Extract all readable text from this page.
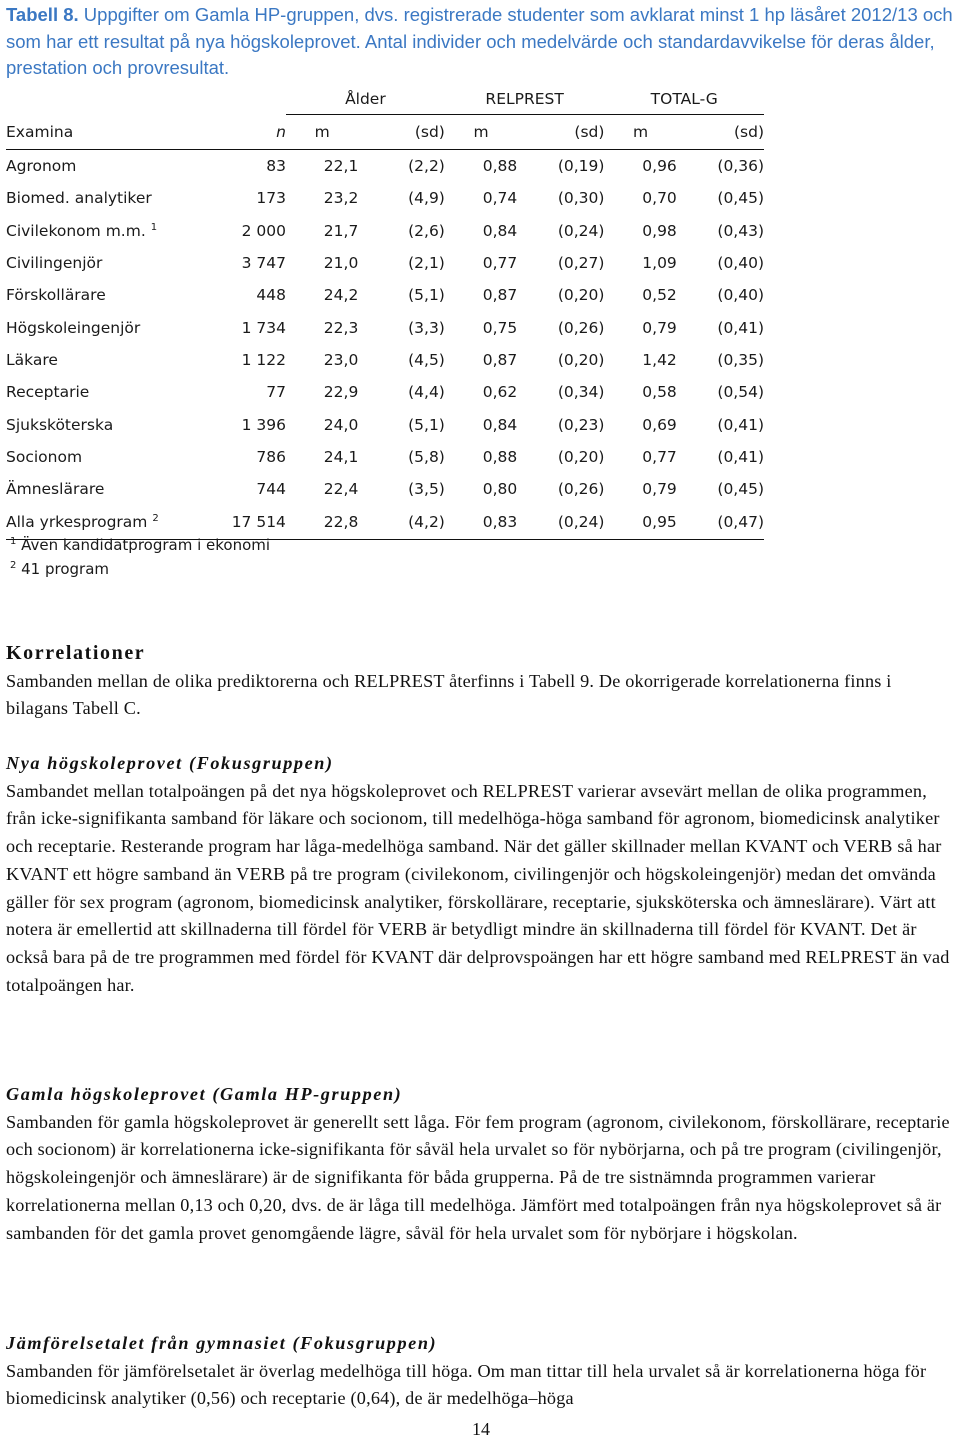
Tabell 8. Uppgifter om Gamla HP-gruppen, dvs. registrerade studenter som avklarat minst 1 hp läsåret 2012/13 och som har ett resultat på nya högskoleprovet. Antal individer och medelvärde och standardavvikelse för deras ålder, prestation och provresultat.
		Ålder		RELPREST		TOTAL-G	
Examina	n	m	(sd)	m	(sd)	m	(sd)
Agronom	83	22,1	(2,2)	0,88	(0,19)	0,96	(0,36)
Biomed. analytiker	173	23,2	(4,9)	0,74	(0,30)	0,70	(0,45)
Civilekonom m.m. $^1$	2 000	21,7	(2,6)	0,84	(0,24)	0,98	(0,43)
Civilingenjör	3 747	21,0	(2,1)	0,77	(0,27)	1,09	(0,40)
Förskollärare	448	24,2	(5,1)	0,87	(0,20)	0,52	(0,40)
Högskoleingenjör	1 734	22,3	(3,3)	0,75	(0,26)	0,79	(0,41)
Läkare	1 122	23,0	(4,5)	0,87	(0,20)	1,42	(0,35)
Receptarie	77	22,9	(4,4)	0,62	(0,34)	0,58	(0,54)
Sjuksköterska	1 396	24,0	(5,1)	0,84	(0,23)	0,69	(0,41)
Socionom	786	24,1	(5,8)	0,88	(0,20)	0,77	(0,41)
Ämneslärare	744	22,4	(3,5)	0,80	(0,26)	0,79	(0,45)
Alla yrkesprogram $^2$	17 514	22,8	(4,2)	0,83	(0,24)	0,95	(0,47)
$^1$ Även kandidatprogram i ekonomi
$^2$ 41 program
Korrelationer
Sambanden mellan de olika prediktorerna och RELPREST återfinns i Tabell 9. De okorrigerade korrelationerna finns i bilagans Tabell C.
Nya högskoleprovet (Fokusgruppen)
Sambandet mellan totalpoängen på det nya högskoleprovet och RELPREST varierar avsevärt mellan de olika programmen, från icke-signifikanta samband för läkare och socionom, till medelhöga-höga samband för agronom, biomedicinsk analytiker och receptarie. Resterande program har låga-medelhöga samband. När det gäller skillnader mellan KVANT och VERB så har KVANT ett högre samband än VERB på tre program (civilekonom, civilingenjör och högskoleingenjör) medan det omvända gäller för sex program (agronom, biomedicinsk analytiker, förskollärare, receptarie, sjuksköterska och ämneslärare). Värt att notera är emellertid att skillnaderna till fördel för VERB är betydligt mindre än skillnaderna till fördel för KVANT. Det är också bara på de tre programmen med fördel för KVANT där delprovspoängen har ett högre samband med RELPREST än vad totalpoängen har.
Gamla högskoleprovet (Gamla HP-gruppen)
Sambanden för gamla högskoleprovet är generellt sett låga. För fem program (agronom, civilekonom, förskollärare, receptarie och socionom) är korrelationerna icke-signifikanta för såväl hela urvalet so för nybörjarna, och på tre program (civilingenjör, högskoleingenjör och ämneslärare) är de signifikanta för båda grupperna. På de tre sistnämnda programmen varierar korrelationerna mellan 0,13 och 0,20, dvs. de är låga till medelhöga. Jämfört med totalpoängen från nya högskoleprovet så är sambanden för det gamla provet genomgående lägre, såväl för hela urvalet som för nybörjare i högskolan.
Jämförelsetalet från gymnasiet (Fokusgruppen)
Sambanden för jämförelsetalet är överlag medelhöga till höga. Om man tittar till hela urvalet så är korrelationerna höga för biomedicinsk analytiker (0,56) och receptarie (0,64), de är medelhöga–höga
14
